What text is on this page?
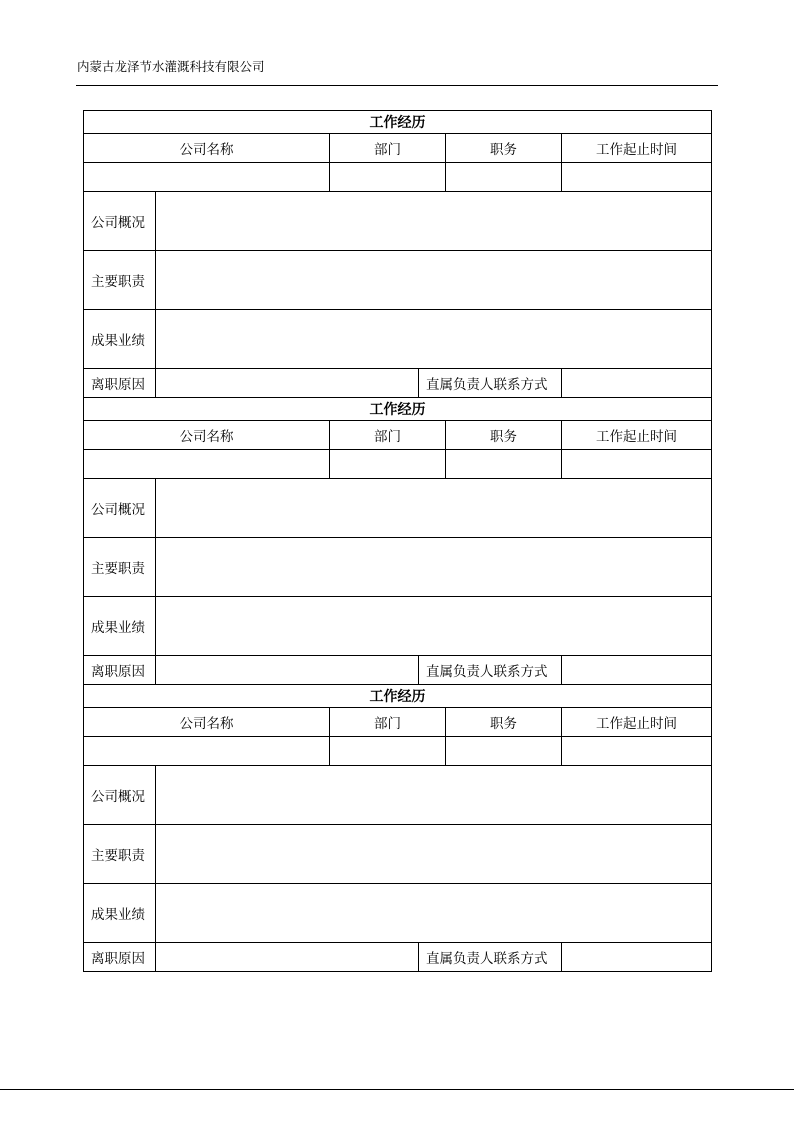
内蒙古龙泽节水灌溉科技有限公司
工作经历					
公司名称		部门		职务	工作起止时间

公司概况					
主要职责					
成果业绩					
离职原因			直属负责人联系方式		
工作经历					
公司名称		部门		职务	工作起止时间

公司概况					
主要职责					
成果业绩					
离职原因			直属负责人联系方式		
工作经历					
公司名称		部门		职务	工作起止时间

公司概况					
主要职责					
成果业绩					
离职原因			直属负责人联系方式		
